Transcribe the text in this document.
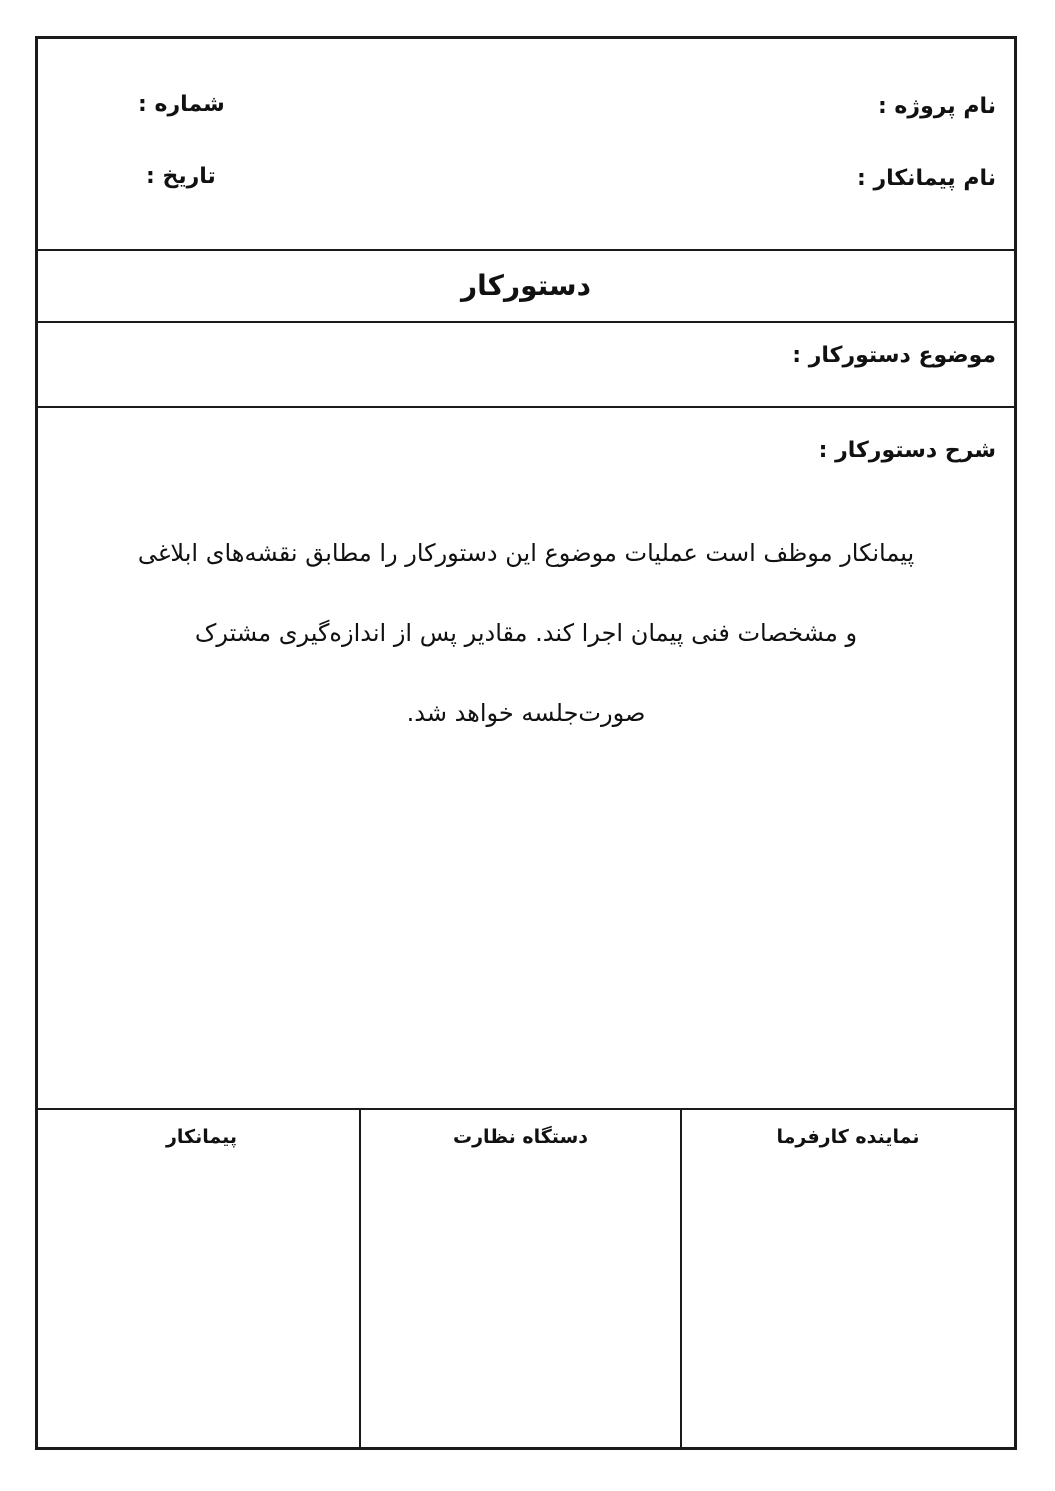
نام پروژه :
نام پیمانکار :
شماره :
تاریخ :
دستورکار
موضوع دستورکار :
شرح دستورکار :
پیمانکار موظف است عملیات موضوع این دستورکار را مطابق نقشه‌های ابلاغی
و مشخصات فنی پیمان اجرا کند. مقادیر پس از اندازه‌گیری مشترک
صورت‌جلسه خواهد شد.
نماینده کارفرما
دستگاه نظارت
پیمانکار
